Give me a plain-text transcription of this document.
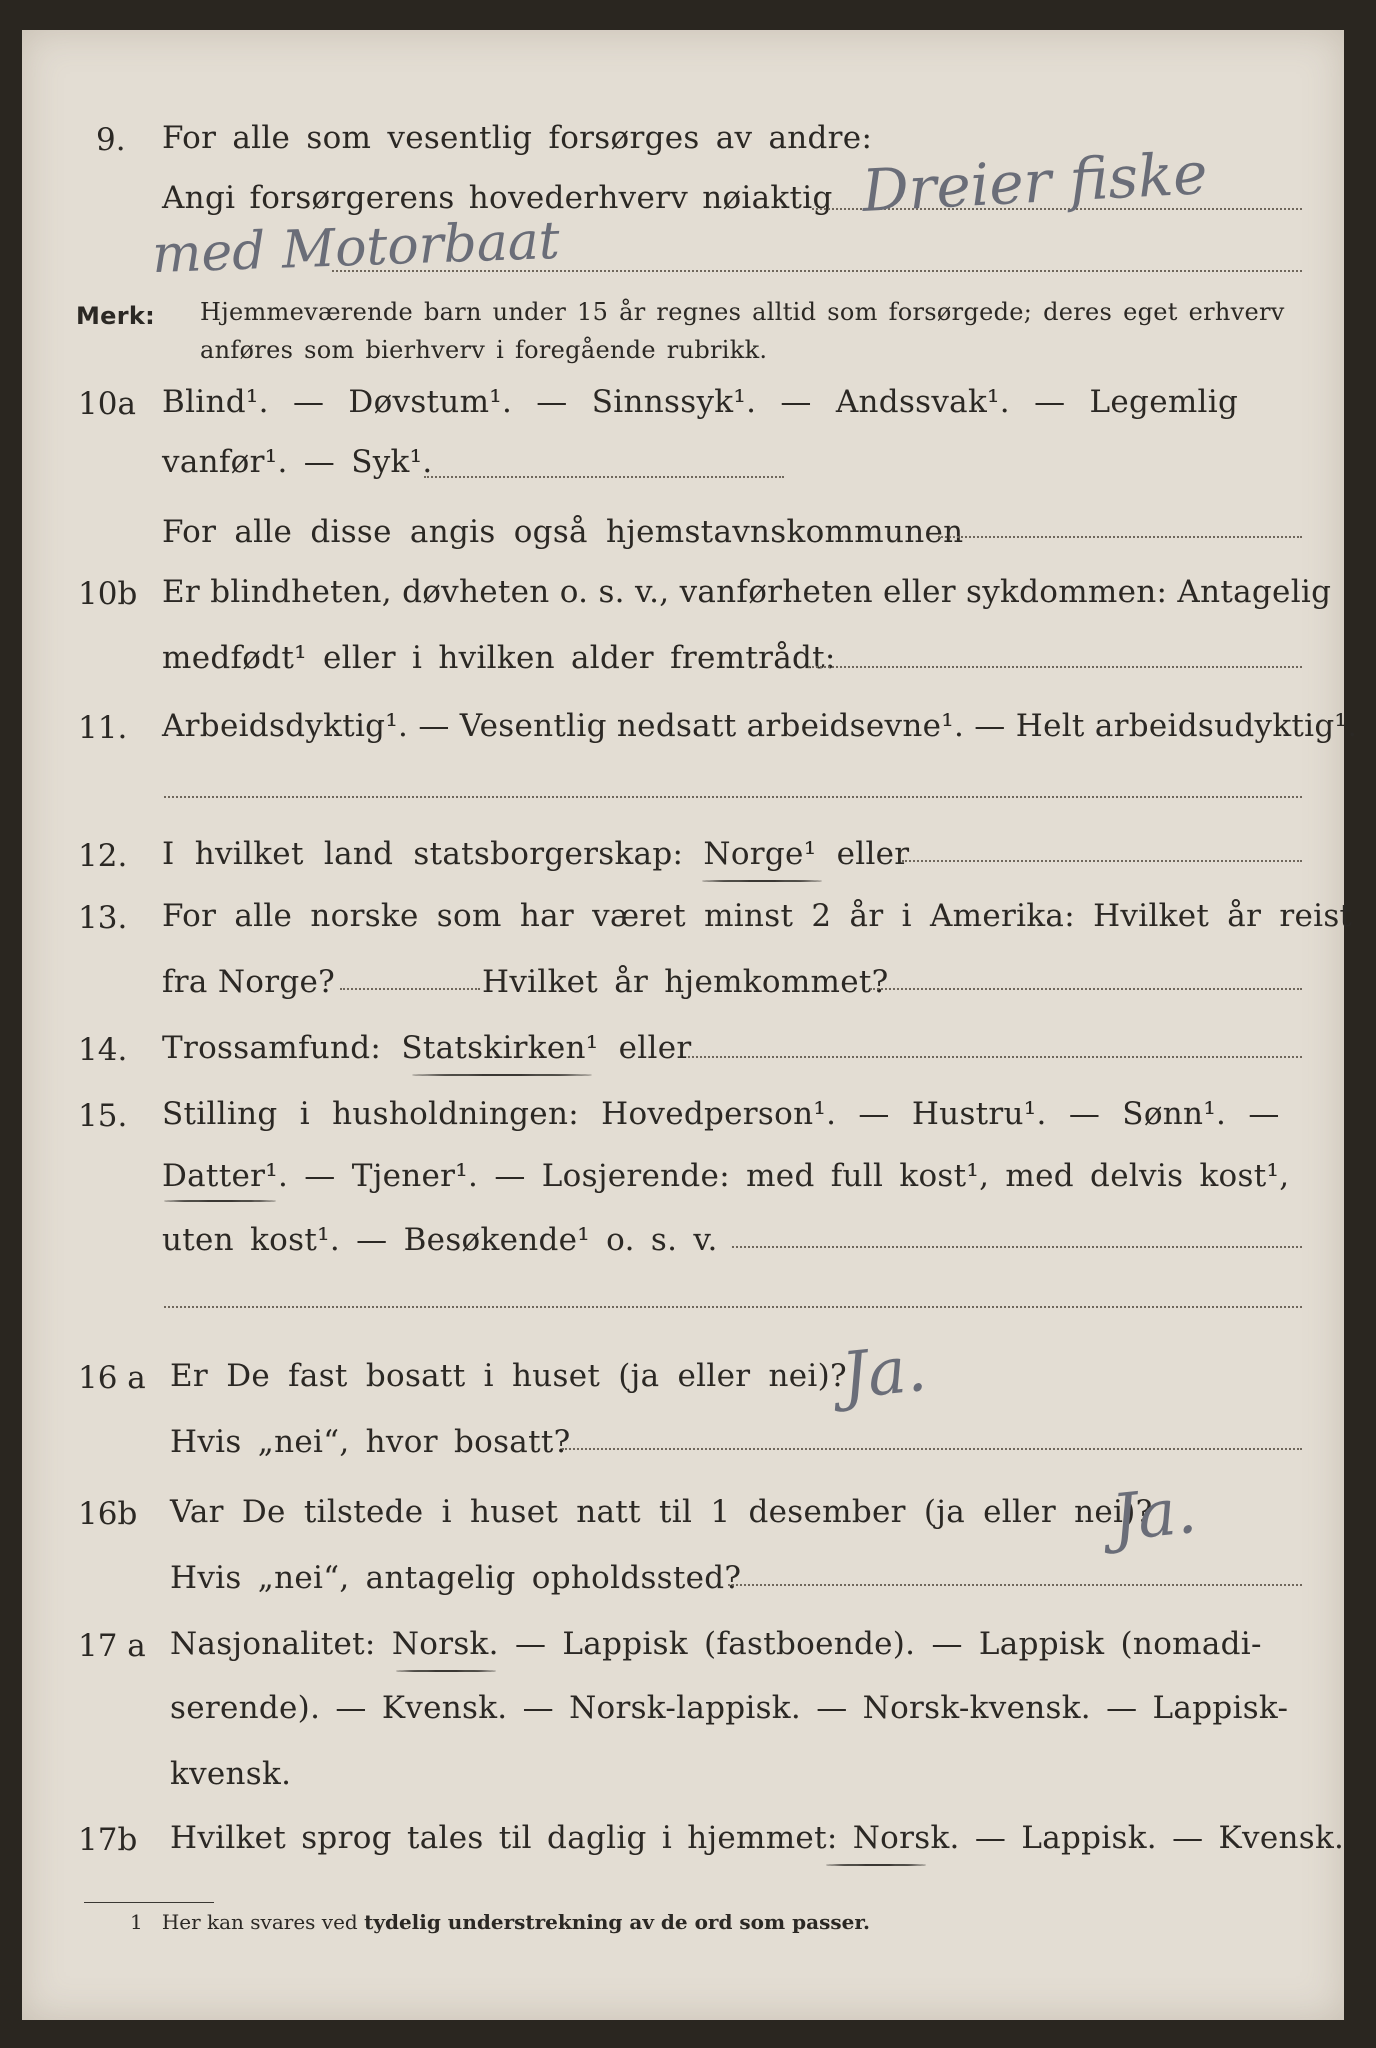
9. For alle som vesentlig forsørges av andre:
Angi forsørgerens hovederhverv nøiaktig Dreier fiske
med Motorbaat
Merk: Hjemmeværende barn under 15 år regnes alltid som forsørgede; deres eget erhverv
anføres som bierhverv i foregående rubrikk.
10a Blind¹. — Døvstum¹. — Sinnssyk¹. — Andssvak¹. — Legemlig
vanfør¹. — Syk¹.
For alle disse angis også hjemstavnskommunen
10b Er blindheten, døvheten o. s. v., vanførheten eller sykdommen: Antagelig
medfødt¹ eller i hvilken alder fremtrådt:
11. Arbeidsdyktig¹. — Vesentlig nedsatt arbeidsevne¹. — Helt arbeidsudyktig¹.
12. I hvilket land statsborgerskap: Norge¹ eller
13. For alle norske som har været minst 2 år i Amerika: Hvilket år reist
fra Norge?	Hvilket år hjemkommet?
14. Trossamfund: Statskirken¹ eller
15. Stilling i husholdningen: Hovedperson¹. — Hustru¹. — Sønn¹. —
Datter¹. — Tjener¹. — Losjerende: med full kost¹, med delvis kost¹,
uten kost¹. — Besøkende¹ o. s. v.
16 a Er De fast bosatt i huset (ja eller nei)?
Ja.
Hvis „nei“, hvor bosatt?
16b Var De tilstede i huset natt til 1 desember (ja eller nei)?
Ja.
Hvis „nei“, antagelig opholdssted?
17 a Nasjonalitet: Norsk. — Lappisk (fastboende). — Lappisk (nomadi-
serende). — Kvensk. — Norsk-lappisk. — Norsk-kvensk. — Lappisk-
kvensk.
17b Hvilket sprog tales til daglig i hjemmet: Norsk. — Lappisk. — Kvensk.
1 Her kan svares ved tydelig understrekning av de ord som passer.
